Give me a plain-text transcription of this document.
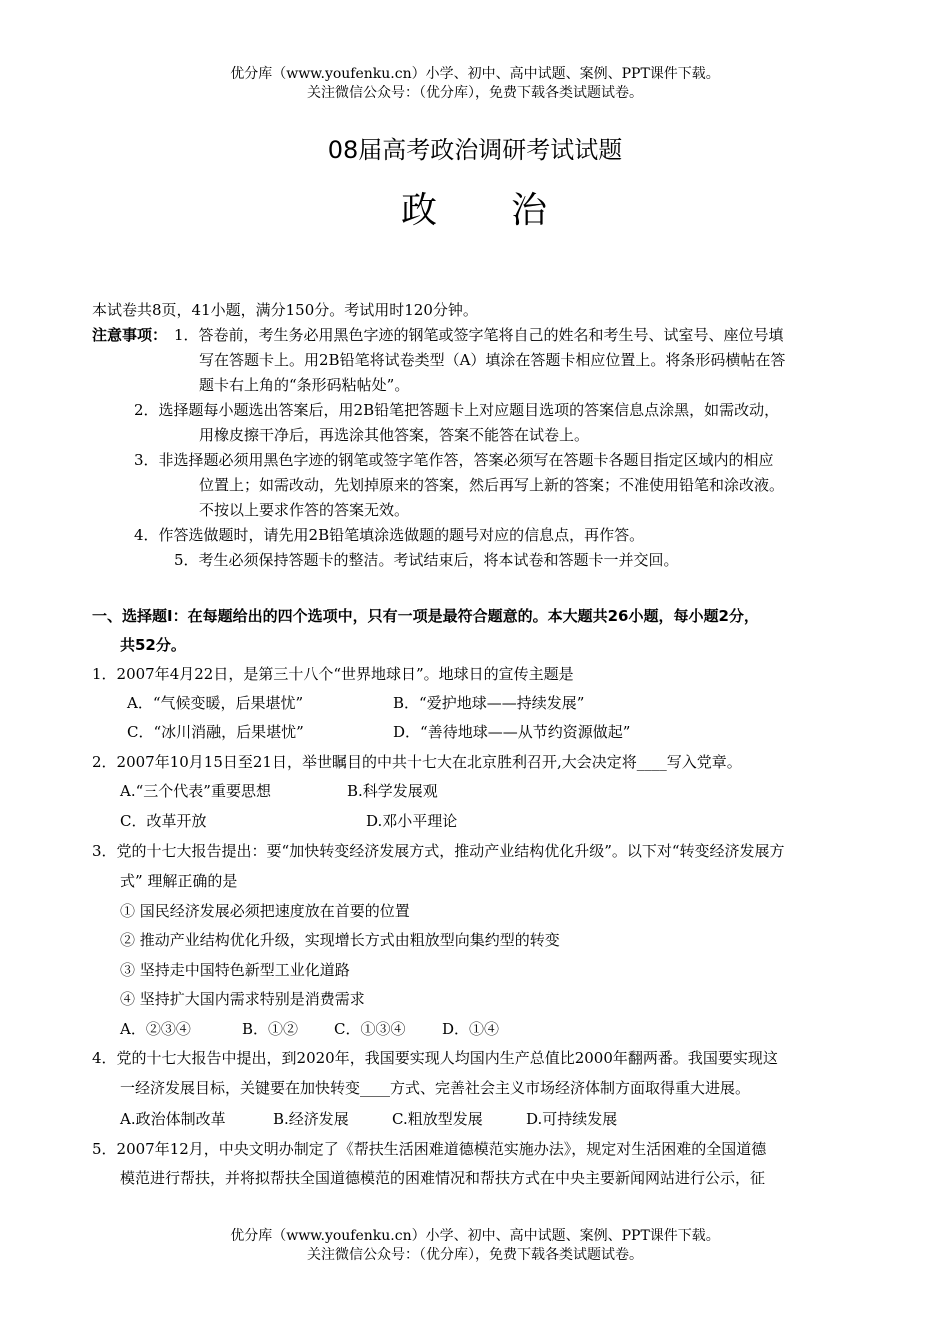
优分库（www.youfenku.cn）小学、初中、高中试题、案例、PPT课件下载。
关注微信公众号：（优分库），免费下载各类试题试卷。
08届高考政治调研考试试题
政 治
本试卷共8页，41小题，满分150分。考试用时120分钟。
注意事项： 1．答卷前，考生务必用黑色字迹的钢笔或签字笔将自己的姓名和考生号、试室号、座位号填
写在答题卡上。用2B铅笔将试卷类型（A）填涂在答题卡相应位置上。将条形码横帖在答
题卡右上角的“条形码粘帖处”。
2．选择题每小题选出答案后，用2B铅笔把答题卡上对应题目选项的答案信息点涂黑，如需改动，
用橡皮擦干净后，再选涂其他答案，答案不能答在试卷上。
3．非选择题必须用黑色字迹的钢笔或签字笔作答，答案必须写在答题卡各题目指定区域内的相应
位置上；如需改动，先划掉原来的答案，然后再写上新的答案；不准使用铅笔和涂改液。
不按以上要求作答的答案无效。
4．作答选做题时，请先用2B铅笔填涂选做题的题号对应的信息点，再作答。
5．考生必须保持答题卡的整洁。考试结束后，将本试卷和答题卡一并交回。
一、选择题Ⅰ：在每题给出的四个选项中，只有一项是最符合题意的。本大题共26小题，每小题2分，
共52分。
1．2007年4月22日，是第三十八个“世界地球日”。地球日的宣传主题是
A．“气候变暖，后果堪忧”	B．“爱护地球——持续发展”
C．“冰川消融，后果堪忧”	D．“善待地球——从节约资源做起”
2．2007年10月15日至21日，举世瞩目的中共十七大在北京胜利召开,大会决定将____写入党章。
A.“三个代表”重要思想	B.科学发展观
C．改革开放	D.邓小平理论
3．党的十七大报告提出：要“加快转变经济发展方式，推动产业结构优化升级”。以下对“转变经济发展方
式” 理解正确的是
① 国民经济发展必须把速度放在首要的位置
② 推动产业结构优化升级，实现增长方式由粗放型向集约型的转变
③ 坚持走中国特色新型工业化道路
④ 坚持扩大国内需求特别是消费需求
A．②③④	B．①② C．①③④ D．①④
4．党的十七大报告中提出，到2020年，我国要实现人均国内生产总值比2000年翻两番。我国要实现这
一经济发展目标，关键要在加快转变____方式、完善社会主义市场经济体制方面取得重大进展。
A.政治体制改革	B.经济发展	C.粗放型发展	D.可持续发展
5．2007年12月，中央文明办制定了《帮扶生活困难道德模范实施办法》，规定对生活困难的全国道德
模范进行帮扶，并将拟帮扶全国道德模范的困难情况和帮扶方式在中央主要新闻网站进行公示，征
优分库（www.youfenku.cn）小学、初中、高中试题、案例、PPT课件下载。
关注微信公众号：（优分库），免费下载各类试题试卷。
